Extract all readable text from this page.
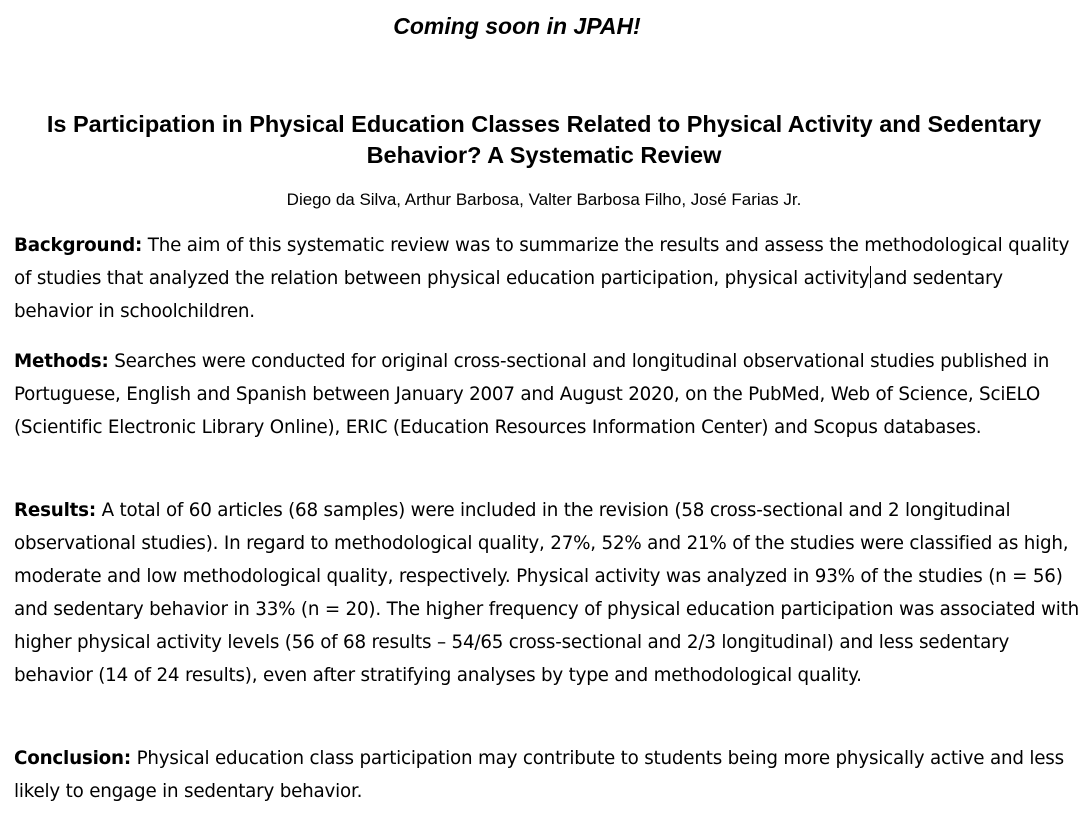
Coming soon in JPAH!
Is Participation in Physical Education Classes Related to Physical Activity and Sedentary Behavior? A Systematic Review
Diego da Silva, Arthur Barbosa, Valter Barbosa Filho, José Farias Jr.

Background: The aim of this systematic review was to summarize the results and assess the methodological quality of studies that analyzed the relation between physical education participation, physical activity and sedentary behavior in schoolchildren.

Methods: Searches were conducted for original cross-sectional and longitudinal observational studies published in Portuguese, English and Spanish between January 2007 and August 2020, on the PubMed, Web of Science, SciELO (Scientific Electronic Library Online), ERIC (Education Resources Information Center) and Scopus databases.

Results: A total of 60 articles (68 samples) were included in the revision (58 cross-sectional and 2 longitudinal observational studies). In regard to methodological quality, 27%, 52% and 21% of the studies were classified as high, moderate and low methodological quality, respectively. Physical activity was analyzed in 93% of the studies (n = 56) and sedentary behavior in 33% (n = 20). The higher frequency of physical education participation was associated with higher physical activity levels (56 of 68 results – 54/65 cross-sectional and 2/3 longitudinal) and less sedentary behavior (14 of 24 results), even after stratifying analyses by type and methodological quality.

Conclusion: Physical education class participation may contribute to students being more physically active and less likely to engage in sedentary behavior.
